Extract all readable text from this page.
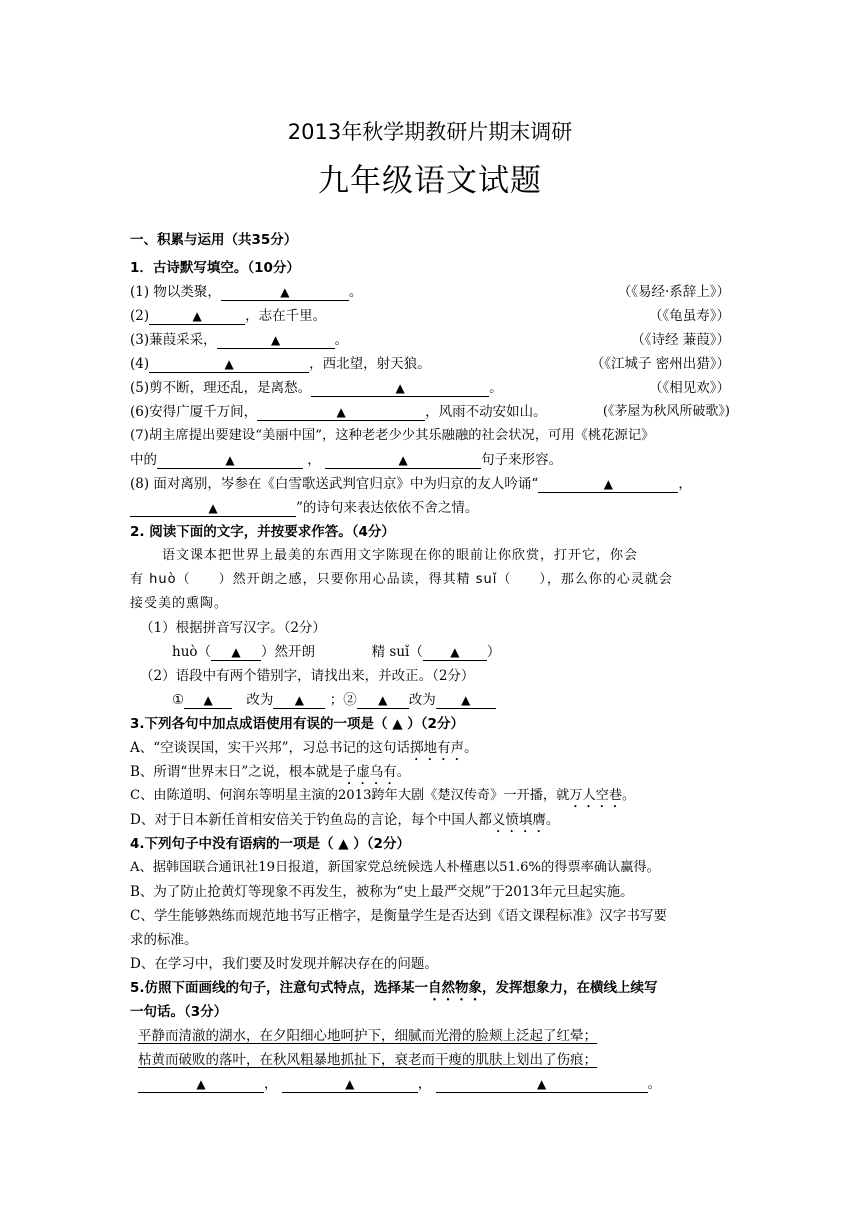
2013年秋学期教研片期末调研
九年级语文试题
一、积累与运用（共35分）
1．古诗默写填空。（10分）
(1) 物以类聚，	▲	。	（《易经·系辞上》）
(2)	▲	，志在千里。	（《龟虽寿》）
(3)蒹葭采采，	▲	。	（《诗经 蒹葭》）
(4)	▲	，西北望，射天狼。	（《江城子 密州出猎》）
(5)剪不断，理还乱，是离愁。	▲	。	（《相见欢》）
(6)安得广厦千万间，	▲	，风雨不动安如山。	(《茅屋为秋风所破歌》)
(7)胡主席提出要建设“美丽中国”，这种老老少少其乐融融的社会状况，可用《桃花源记》
中的	▲	，	▲	句子来形容。
(8) 面对离别，岑参在《白雪歌送武判官归京》中为归京的友人吟诵“	▲	，
▲	”的诗句来表达依依不舍之情。
2. 阅读下面的文字，并按要求作答。（4分）
语文课本把世界上最美的东西用文字陈现在你的眼前让你欣赏，打开它，你会
有 huò（　　）然开朗之感，只要你用心品读，得其精 suǐ（　　），那么你的心灵就会
接受美的熏陶。
（1）根据拼音写汉字。（2分）
huò（ ▲ ）然开朗	精 suǐ（ ▲ ）
（2）语段中有两个错别字，请找出来，并改正。（2分）
① ▲ 改为 ▲ ；② ▲ 改为 ▲
3.下列各句中加点成语使用有误的一项是（ ▲ ）（2分）
A、“空谈误国，实干兴邦”，习总书记的这句话掷地有声。
B、所谓“世界末日”之说，根本就是子虚乌有。
C、由陈道明、何润东等明星主演的2013跨年大剧《楚汉传奇》一开播，就万人空巷。
D、对于日本新任首相安倍关于钓鱼岛的言论，每个中国人都义愤填膺。
4.下列句子中没有语病的一项是（ ▲ ）（2分）
A、据韩国联合通讯社19日报道，新国家党总统候选人朴槿惠以51.6%的得票率确认赢得。
B、为了防止抢黄灯等现象不再发生，被称为“史上最严交规”于2013年元旦起实施。
C、学生能够熟练而规范地书写正楷字，是衡量学生是否达到《语文课程标准》汉字书写要
求的标准。
D、在学习中，我们要及时发现并解决存在的问题。
5.仿照下面画线的句子，注意句式特点，选择某一自然物象，发挥想象力，在横线上续写
一句话。（3分）
平静而清澈的湖水，在夕阳细心地呵护下，细腻而光滑的脸颊上泛起了红晕；
枯黄而破败的落叶，在秋风粗暴地抓扯下，衰老而干瘦的肌肤上划出了伤痕；
▲	，	▲	，	▲	。
